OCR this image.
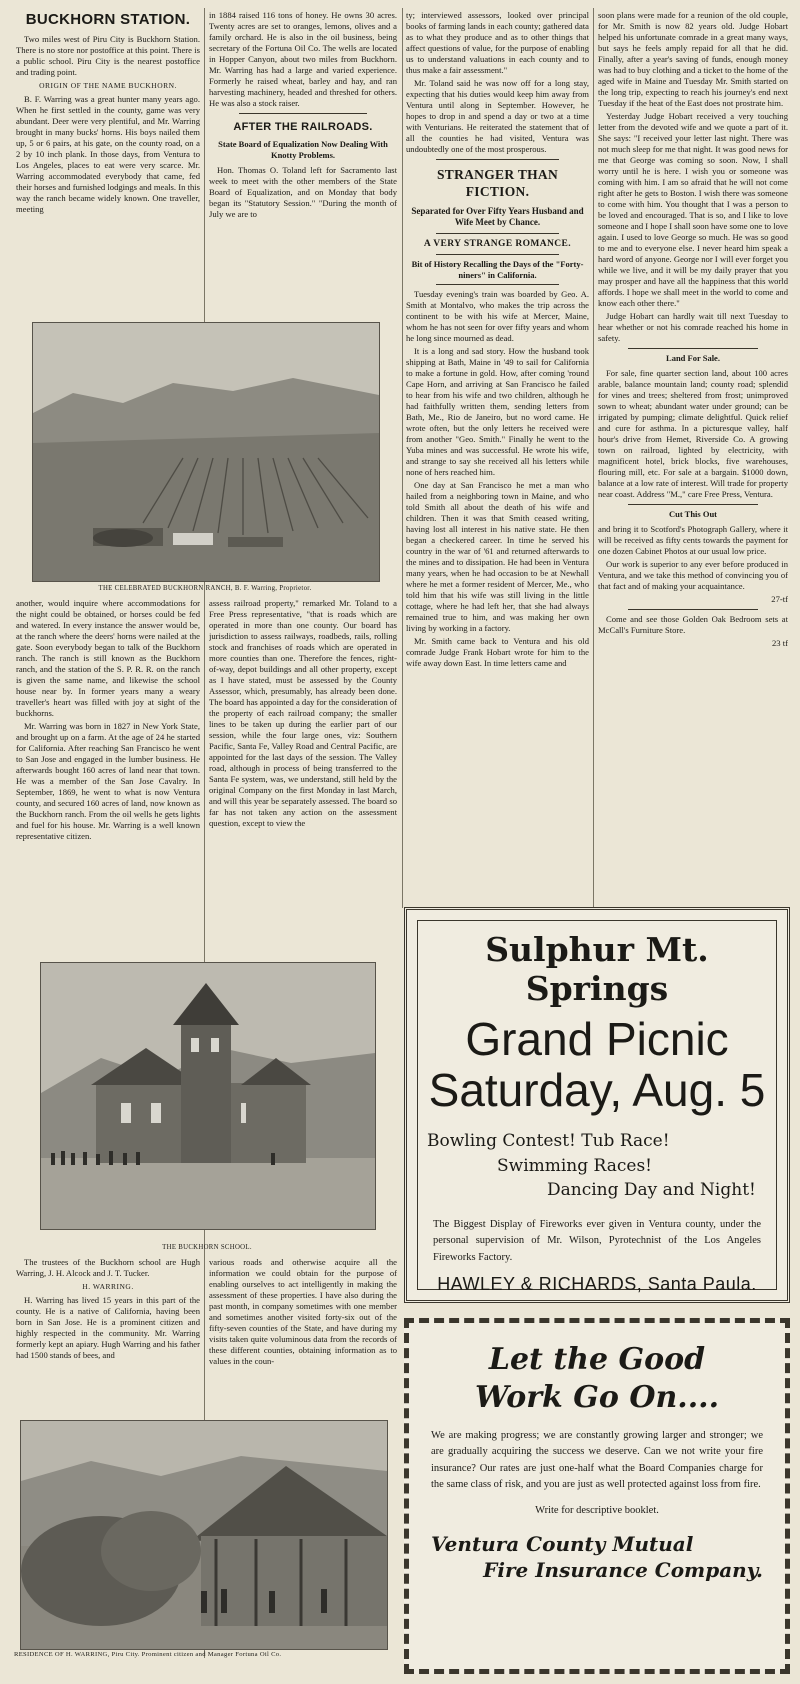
BUCKHORN STATION.

Two miles west of Piru City is Buckhorn Station. There is no store nor postoffice at this point. There is a public school. Piru City is the nearest postoffice and trading point.

ORIGIN OF THE NAME BUCKHORN.

B. F. Warring was a great hunter many years ago. When he first settled in the county, game was very abundant. Deer were very plentiful, and Mr. Warring brought in many bucks' horns. His boys nailed them up, 5 or 6 pairs, at his gate, on the county road, on a 2 by 10 inch plank. In those days, from Ventura to Los Angeles, places to eat were very scarce. Mr. Warring accommodated everybody that came, fed their horses and furnished lodgings and meals. In this way the ranch became widely known. One traveller, meeting

in 1884 raised 116 tons of honey. He owns 30 acres. Twenty acres are set to oranges, lemons, olives and a family orchard. He is also in the oil business, being secretary of the Fortuna Oil Co. The wells are located in Hopper Canyon, about two miles from Buckhorn. Mr. Warring has had a large and varied experience. Formerly he raised wheat, barley and hay, and ran harvesting machinery, headed and threshed for others. He was also a stock raiser.

AFTER THE RAILROADS.
State Board of Equalization Now Dealing With Knotty Problems.

Hon. Thomas O. Toland left for Sacramento last week to meet with the other members of the State Board of Equalization, and on Monday that body began its "Statutory Session." "During the month of July we are to

THE CELEBRATED BUCKHORN RANCH, B. F. Warring, Proprietor.

another, would inquire where accommodations for the night could be obtained, or horses could be fed and watered. In every instance the answer would be, at the ranch where the deers' horns were nailed at the gate. Soon everybody began to talk of the Buckhorn ranch. The ranch is still known as the Buckhorn ranch, and the station of the S. P. R. R. on the ranch is given the same name, and likewise the school house near by. In former years many a weary traveller's heart was filled with joy at sight of the buckhorns.

Mr. Warring was born in 1827 in New York State, and brought up on a farm. At the age of 24 he started for California. After reaching San Francisco he went to San Jose and engaged in the lumber business. He afterwards bought 160 acres of land near that town. He was a member of the San Jose Cavalry. In September, 1869, he went to what is now Ventura county, and secured 160 acres of land, now known as the Buckhorn ranch. From the oil wells he gets lights and fuel for his house. Mr. Warring is a well known representative citizen.

assess railroad property," remarked Mr. Toland to a Free Press representative, "that is roads which are operated in more than one county. Our board has jurisdiction to assess railways, roadbeds, rails, rolling stock and franchises of roads which are operated in more counties than one. Therefore the fences, right-of-way, depot buildings and all other property, except as I have stated, must be assessed by the County Assessor, which, presumably, has already been done. The board has appointed a day for the consideration of the property of each railroad company; the smaller lines to be taken up during the earlier part of our session, while the four large ones, viz: Southern Pacific, Santa Fe, Valley Road and Central Pacific, are appointed for the last days of the session. The Valley road, although in process of being transferred to the Santa Fe system, was, we understand, still held by the original Company on the first Monday in last March, and will this year be separately assessed. The board so far has not taken any action on the assessment question, except to view the

THE BUCKHORN SCHOOL.

The trustees of the Buckhorn school are Hugh Warring, J. H. Alcock and J. T. Tucker.

H. WARRING.

H. Warring has lived 15 years in this part of the county. He is a native of California, having been born in San Jose. He is a prominent citizen and highly respected in the community. Mr. Warring formerly kept an apiary. Hugh Warring and his father had 1500 stands of bees, and

various roads and otherwise acquire all the information we could obtain for the purpose of enabling ourselves to act intelligently in making the assessment of these properties. I have also during the past month, in company sometimes with one member and sometimes another visited forty-six out of the fifty-seven counties of the State, and have during my visits taken quite voluminous data from the records of these different counties, obtaining information as to values in the coun-

RESIDENCE OF H. WARRING, Piru City. Prominent citizen and Manager Fortuna Oil Co.

ty; interviewed assessors, looked over principal books of farming lands in each county; gathered data as to what they produce and as to other things that affect questions of value, for the purpose of enabling us to understand valuations in each county and to thus make a fair assessment."

Mr. Toland said he was now off for a long stay, expecting that his duties would keep him away from Ventura until along in September. However, he hopes to drop in and spend a day or two at a time with Venturians. He reiterated the statement that of all the counties he had visited, Ventura was undoubtedly one of the most prosperous.

STRANGER THAN FICTION.
Separated for Over Fifty Years Husband and Wife Meet by Chance.
A VERY STRANGE ROMANCE.
Bit of History Recalling the Days of the "Forty-niners" in California.

Tuesday evening's train was boarded by Geo. A. Smith at Montalvo, who makes the trip across the continent to be with his wife at Mercer, Maine, whom he has not seen for over fifty years and whom he long since mourned as dead.

It is a long and sad story. How the husband took shipping at Bath, Maine in '49 to sail for California to make a fortune in gold. How, after coming 'round Cape Horn, and arriving at San Francisco he failed to hear from his wife and two children, although he had faithfully written them, sending letters from Bath, Me., Rio de Janeiro, but no word came. He wrote often, but the only letters he received were from another "Geo. Smith." Finally he went to the Yuba mines and was successful. He wrote his wife, and strange to say she received all his letters while none of hers reached him.

One day at San Francisco he met a man who hailed from a neighboring town in Maine, and who told Smith all about the death of his wife and children. Then it was that Smith ceased writing, having lost all interest in his native state. He then began a checkered career. In time he served his country in the war of '61 and returned afterwards to the mines and to dissipation. He had been in Ventura many years, when he had occasion to be at Newhall where he met a former resident of Mercer, Me., who told him that his wife was still living in the little cottage, where he had left her, that she had always remained true to him, and was making her own living by working in a factory.

Mr. Smith came back to Ventura and his old comrade Judge Frank Hobart wrote for him to the wife away down East. In time letters came and

soon plans were made for a reunion of the old couple, for Mr. Smith is now 82 years old. Judge Hobart helped his unfortunate comrade in a great many ways, but says he feels amply repaid for all that he did. Finally, after a year's saving of funds, enough money was had to buy clothing and a ticket to the home of the aged wife in Maine and Tuesday Mr. Smith started on the long trip, expecting to reach his journey's end next Tuesday if the heat of the East does not prostrate him.

Yesterday Judge Hobart received a very touching letter from the devoted wife and we quote a part of it. She says: "I received your letter last night. There was not much sleep for me that night. It was good news for me that George was coming so soon. Now, I shall worry until he is here. I wish you or someone was coming with him. I am so afraid that he will not come right after he gets to Boston. I wish there was someone to come with him. You thought that I was a person to be loved and encouraged. That is so, and I like to love someone and I hope I shall soon have some one to love again. I used to love George so much. He was so good to me and to everyone else. I never heard him speak a hard word of anyone. George nor I will ever forget you while we live, and it will be my daily prayer that you may prosper and have all the happiness that this world affords. I hope we shall meet in the world to come and know each other there."

Judge Hobart can hardly wait till next Tuesday to hear whether or not his comrade reached his home in safety.

Land For Sale.

For sale, fine quarter section land, about 100 acres arable, balance mountain land; county road; splendid for vines and trees; sheltered from frost; unimproved sown to wheat; abundant water under ground; can be irrigated by pumping; climate delightful. Quick relief and cure for asthma. In a picturesque valley, half hour's drive from Hemet, Riverside Co. A growing town on railroad, lighted by electricity, with magnificent hotel, brick blocks, five warehouses, flouring mill, etc. For sale at a bargain. $1000 down, balance at a low rate of interest. Will trade for property near coast. Address "M.," care Free Press, Ventura.

Cut This Out

and bring it to Scotford's Photograph Gallery, where it will be received as fifty cents towards the payment for one dozen Cabinet Photos at our usual low price.

Our work is superior to any ever before produced in Ventura, and we take this method of convincing you of that fact and of making your acquaintance.

27-tf

Come and see those Golden Oak Bedroom sets at McCall's Furniture Store.

23 tf
Sulphur Mt. Springs
Grand Picnic
Saturday, Aug. 5
Bowling Contest! Tub Race!
Swimming Races!
Dancing Day and Night!
The Biggest Display of Fireworks ever given in Ventura county, under the personal supervision of Mr. Wilson, Pyrotechnist of the Los Angeles Fireworks Factory.
HAWLEY & RICHARDS, Santa Paula.
Let the Good
Work Go On....
We are making progress; we are constantly growing larger and stronger; we are gradually acquiring the success we deserve. Can we not write your fire insurance? Our rates are just one-half what the Board Companies charge for the same class of risk, and you are just as well protected against loss from fire.
Write for descriptive booklet.
Ventura County Mutual
Fire Insurance Company.
